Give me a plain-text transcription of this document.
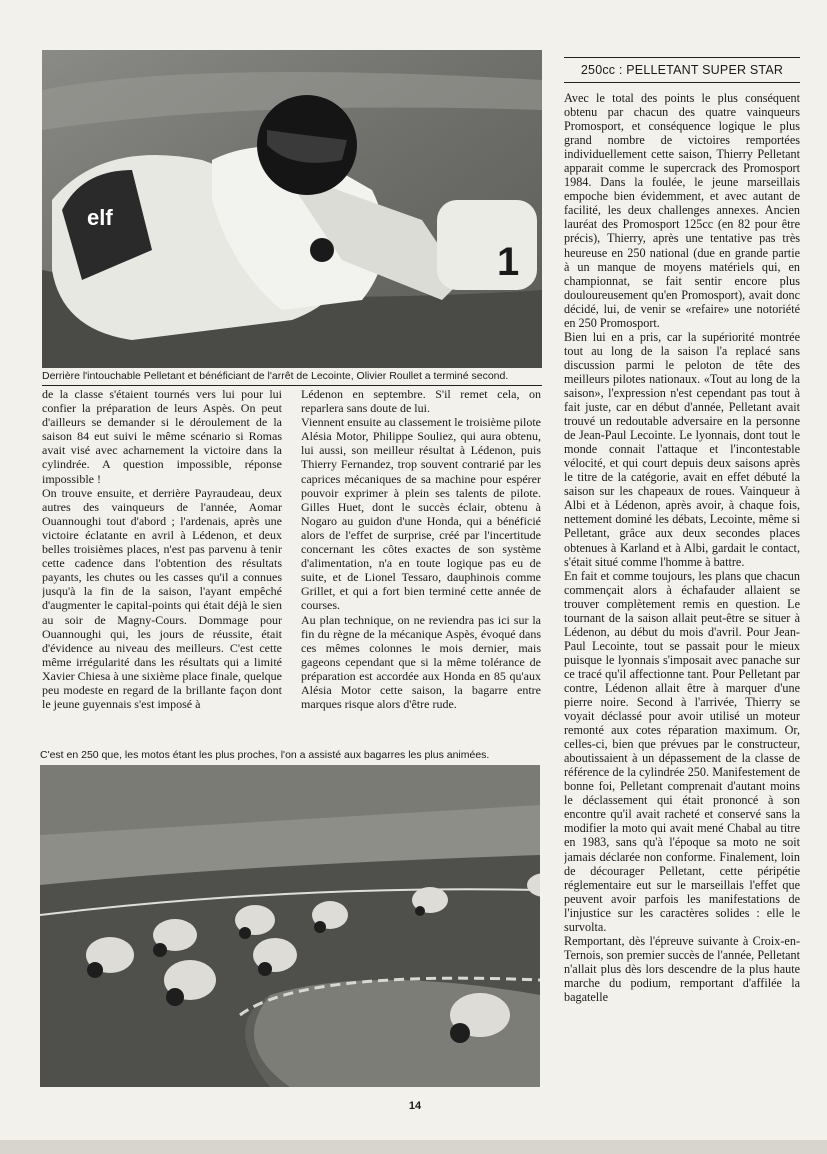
elf
1
Derrière l'intouchable Pelletant et bénéficiant de l'arrêt de Lecointe, Olivier Roullet a terminé second.

de la classe s'étaient tournés vers lui pour lui confier la préparation de leurs Aspès. On peut d'ailleurs se demander si le déroulement de la saison 84 eut suivi le même scénario si Romas avait visé avec acharnement la victoire dans la cylindrée. A question impossible, réponse impossible !

On trouve ensuite, et derrière Payraudeau, deux autres des vainqueurs de l'année, Aomar Ouannoughi tout d'abord ; l'ardenais, après une victoire éclatante en avril à Lédenon, et deux belles troisièmes places, n'est pas parvenu à tenir cette cadence dans l'obtention des résultats payants, les chutes ou les casses qu'il a connues jusqu'à la fin de la saison, l'ayant empêché d'augmenter le capital-points qui était déjà le sien au soir de Magny-Cours. Dommage pour Ouannoughi qui, les jours de réussite, était d'évidence au niveau des meilleurs. C'est cette même irrégularité dans les résultats qui a limité Xavier Chiesa à une sixième place finale, quelque peu modeste en regard de la brillante façon dont le jeune guyennais s'est imposé à

Lédenon en septembre. S'il remet cela, on reparlera sans doute de lui.

Viennent ensuite au classement le troisième pilote Alésia Motor, Philippe Souliez, qui aura obtenu, lui aussi, son meilleur résultat à Lédenon, puis Thierry Fernandez, trop souvent contrarié par les caprices mécaniques de sa machine pour espérer pouvoir exprimer à plein ses talents de pilote. Gilles Huet, dont le succès éclair, obtenu à Nogaro au guidon d'une Honda, qui a bénéficié alors de l'effet de surprise, créé par l'incertitude concernant les côtes exactes de son système d'alimentation, n'a en toute logique pas eu de suite, et de Lionel Tessaro, dauphinois comme Grillet, et qui a fort bien terminé cette année de courses.

Au plan technique, on ne reviendra pas ici sur la fin du règne de la mécanique Aspès, évoqué dans ces mêmes colonnes le mois dernier, mais gageons cependant que si la même tolérance de préparation est accordée aux Honda en 85 qu'aux Alésia Motor cette saison, la bagarre entre marques risque alors d'être rude.

C'est en 250 que, les motos étant les plus proches, l'on a assisté aux bagarres les plus animées.
250cc : PELLETANT SUPER STAR

Avec le total des points le plus conséquent obtenu par chacun des quatre vainqueurs Promosport, et conséquence logique le plus grand nombre de victoires remportées individuellement cette saison, Thierry Pelletant apparait comme le supercrack des Promosport 1984. Dans la foulée, le jeune marseillais empoche bien évidemment, et avec autant de facilité, les deux challenges annexes. Ancien lauréat des Promosport 125cc (en 82 pour être précis), Thierry, après une tentative pas très heureuse en 250 national (due en grande partie à un manque de moyens matériels qui, en championnat, se fait sentir encore plus douloureusement qu'en Promosport), avait donc décidé, lui, de venir se «refaire» une notoriété en 250 Promosport.

Bien lui en a pris, car la supériorité montrée tout au long de la saison l'a replacé sans discussion parmi le peloton de tête des meilleurs pilotes nationaux. «Tout au long de la saison», l'expression n'est cependant pas tout à fait juste, car en début d'année, Pelletant avait trouvé un redoutable adversaire en la personne de Jean-Paul Lecointe. Le lyonnais, dont tout le monde connait l'attaque et l'incontestable vélocité, et qui court depuis deux saisons après le titre de la catégorie, avait en effet débuté la saison sur les chapeaux de roues. Vainqueur à Albi et à Lédenon, après avoir, à chaque fois, nettement dominé les débats, Lecointe, même si Pelletant, grâce aux deux secondes places obtenues à Karland et à Albi, gardait le contact, s'était situé comme l'homme à battre.

En fait et comme toujours, les plans que chacun commençait alors à échafauder allaient se trouver complètement remis en question. Le tournant de la saison allait peut-être se situer à Lédenon, au début du mois d'avril. Pour Jean-Paul Lecointe, tout se passait pour le mieux puisque le lyonnais s'imposait avec panache sur ce tracé qu'il affectionne tant. Pour Pelletant par contre, Lédenon allait être à marquer d'une pierre noire. Second à l'arrivée, Thierry se voyait déclassé pour avoir utilisé un moteur remonté aux cotes réparation maximum. Or, celles-ci, bien que prévues par le constructeur, aboutissaient à un dépassement de la classe de référence de la cylindrée 250. Manifestement de bonne foi, Pelletant comprenait d'autant moins le déclassement qui était prononcé à son encontre qu'il avait racheté et conservé sans la modifier la moto qui avait mené Chabal au titre en 1983, sans qu'à l'époque sa moto ne soit jamais déclarée non conforme. Finalement, loin de décourager Pelletant, cette péripétie réglementaire eut sur le marseillais l'effet que peuvent avoir parfois les manifestations de l'injustice sur les caractères solides : elle le survolta.

Remportant, dès l'épreuve suivante à Croix-en-Ternois, son premier succès de l'année, Pelletant n'allait plus dès lors descendre de la plus haute marche du podium, remportant d'affilée la bagatelle

14
